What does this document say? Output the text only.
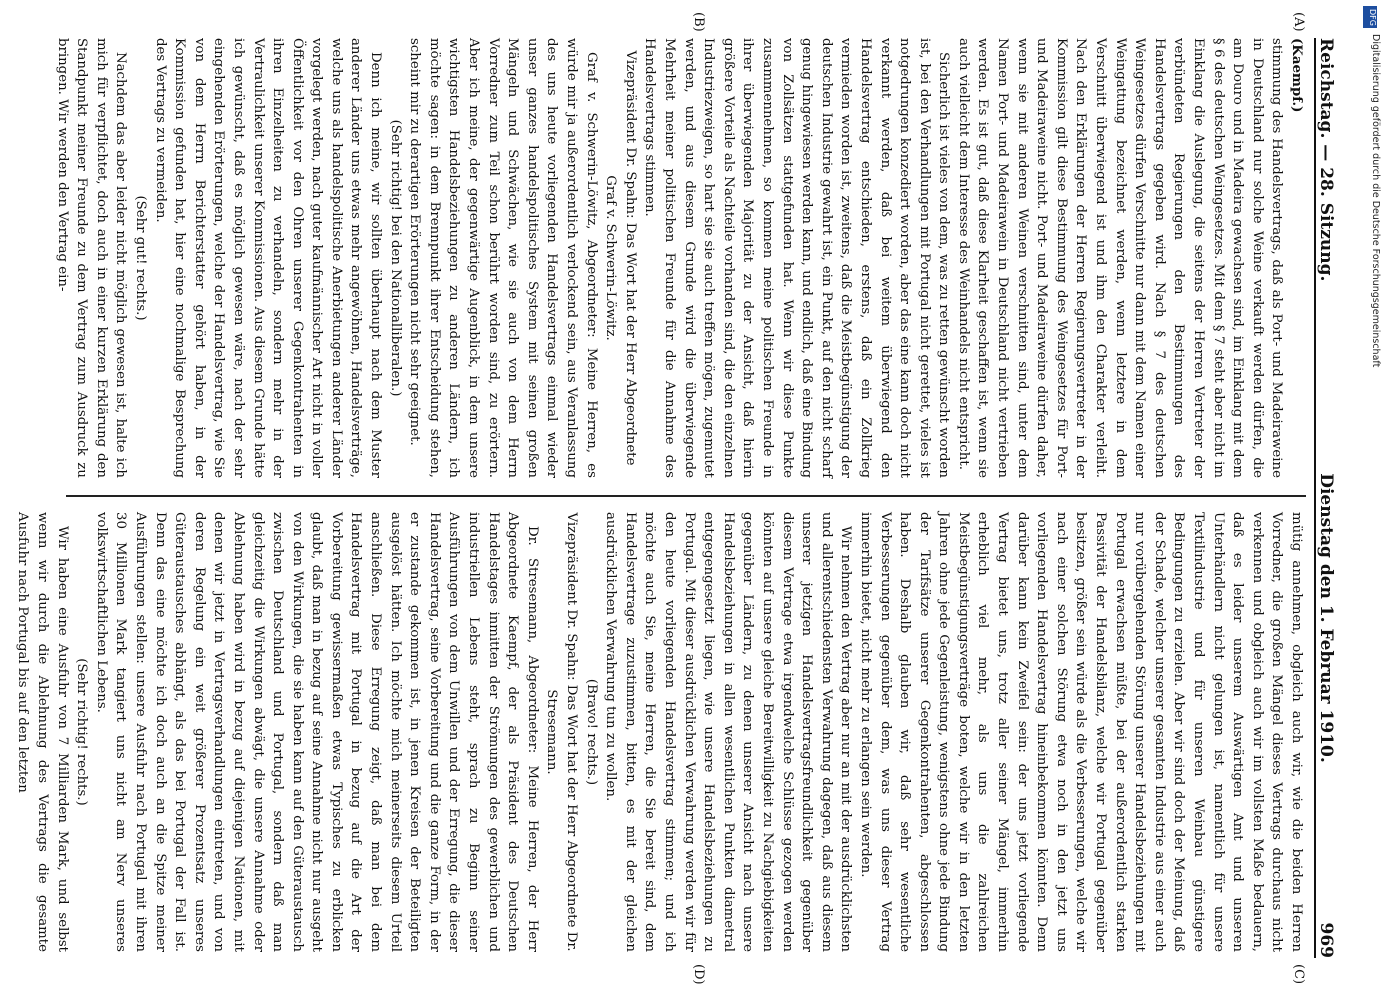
DFG
Digitalisierung gefördert durch die Deutsche Forschungsgemeinschaft
Reichstag. — 28. Sitzung.
Dienstag den 1. Februar 1910.
969
(A)
(B)
(C)
(D)

(Kaempf.)

stimmung des Handelsvertrags, daß als Port- und Madeiraweine in Deutschland nur solche Weine verkauft werden dürfen, die am Douro und in Madeira gewachsen sind, im Einklang mit dem § 6 des deutschen Weingesetzes. Mit dem § 7 steht aber nicht im Einklang die Auslegung, die seitens der Herren Vertreter der verbündeten Regierungen den Bestimmungen des Handelsvertrags gegeben wird. Nach § 7 des deutschen Weingesetzes dürfen Verschnitte nur dann mit dem Namen einer Weingattung bezeichnet werden, wenn letztere in dem Verschnitt überwiegend ist und ihm den Charakter verleiht. Nach den Erklärungen der Herren Regierungsvertreter in der Kommission gilt diese Bestimmung des Weingesetzes für Port- und Madeiraweine nicht. Port- und Madeiraweine dürfen daher, wenn sie mit anderen Weinen verschnitten sind, unter dem Namen Port- und Madeirawein in Deutschland nicht vertrieben werden. Es ist gut, daß diese Klarheit geschaffen ist, wenn sie auch vielleicht dem Interesse des Weinhandels nicht entspricht.

Sicherlich ist vieles von dem, was zu retten gewünscht worden ist, bei den Verhandlungen mit Portugal nicht gerettet, vieles ist notgedrungen konzediert worden, aber das eine kann doch nicht verkannt werden, daß bei weitem überwiegend den Handelsvertrag entschieden, erstens, daß ein Zollkrieg vermieden worden ist, zweitens, daß die Meistbegünstigung der deutschen Industrie gewahrt ist, ein Punkt, auf den nicht scharf genug hingewiesen werden kann, und endlich, daß eine Bindung von Zollsätzen stattgefunden hat. Wenn wir diese Punkte zusammennehmen, so kommen meine politischen Freunde in ihrer überwiegenden Majorität zu der Ansicht, daß hierin größere Vorteile als Nachteile vorhanden sind, die den einzelnen Industriezweigen, so hart sie sie auch treffen mögen, zugemutet werden, und aus diesem Grunde wird die überwiegende Mehrheit meiner politischen Freunde für die Annahme des Handelsvertrags stimmen.

Vizepräsident Dr. Spahn: Das Wort hat der Herr Abgeordnete Graf v. Schwerin-Löwitz.

Graf v. Schwerin-Löwitz, Abgeordneter: Meine Herren, es würde mir ja außerordentlich verlockend sein, aus Veranlassung des uns heute vorliegenden Handelsvertrags einmal wieder unser ganzes handelspolitisches System mit seinen großen Mängeln und Schwächen, wie sie auch von dem Herrn Vorredner zum Teil schon berührt worden sind, zu erörtern. Aber ich meine, der gegenwärtige Augenblick, in dem unsere wichtigsten Handelsbeziehungen zu anderen Ländern, ich möchte sagen: in dem Brennpunkt ihrer Entscheidung stehen, scheint mir zu derartigen Erörterungen nicht sehr geeignet.

(Sehr richtig! bei den Nationalliberalen.)

Denn ich meine, wir sollten überhaupt nach dem Muster anderer Länder uns etwas mehr angewöhnen, Handelsverträge, welche uns als handelspolitische Anerbietungen anderer Länder vorgelegt werden, nach guter kaufmännischer Art nicht in voller Öffentlichkeit vor den Ohren unserer Gegenkontrahenten in ihren Einzelheiten zu verhandeln, sondern mehr in der Vertraulichkeit unserer Kommissionen. Aus diesem Grunde hätte ich gewünscht, daß es möglich gewesen wäre, nach der sehr eingehenden Erörterungen, welche der Handelsvertrag, wie Sie von dem Herrn Berichterstatter gehört haben, in der Kommission gefunden hat, hier eine nochmalige Besprechung des Vertrags zu vermeiden.

(Sehr gut! rechts.)

Nachdem das aber leider nicht möglich gewesen ist, halte ich mich für verpflichtet, doch auch in einer kurzen Erklärung den Standpunkt meiner Freunde zu dem Vertrag zum Ausdruck zu bringen. Wir werden den Vertrag ein-

mütig annehmen, obgleich auch wir, wie die beiden Herren Vorredner, die großen Mängel dieses Vertrags durchaus nicht verkennen und obgleich auch wir im vollsten Maße bedauern, daß es leider unserem Auswärtigen Amt und unseren Unterhändlern nicht gelungen ist, namentlich für unsere Textilindustrie und für unseren Weinbau günstigere Bedingungen zu erzielen. Aber wir sind doch der Meinung, daß der Schade, welcher unserer gesamten Industrie aus einer auch nur vorübergehenden Störung unserer Handelsbeziehungen mit Portugal erwachsen müßte, bei der außerordentlich starken Passivität der Handelsbilanz, welche wir Portugal gegenüber besitzen, größer sein würde als die Verbesserungen, welche wir nach einer solchen Störung etwa noch in den jetzt uns vorliegenden Handelsvertrag hineinbekommen könnten. Denn darüber kann kein Zweifel sein: der uns jetzt vorliegende Vertrag bietet uns, trotz aller seiner Mängel, immerhin erheblich viel mehr, als uns die zahlreichen Meistbegünstigungsverträge boten, welche wir in den letzten Jahren ohne jede Gegenleistung, wenigstens ohne jede Bindung der Tarifsätze unserer Gegenkontrahenten, abgeschlossen haben. Deshalb glauben wir, daß sehr wesentliche Verbesserungen gegenüber dem, was uns dieser Vertrag immerhin bietet, nicht mehr zu erlangen sein werden.

Wir nehmen den Vertrag aber nur an mit der ausdrücklichsten und allerentschiedensten Verwahrung dagegen, daß aus diesem unserer jetzigen Handelsvertragsfreundlichkeit gegenüber diesem Vertrage etwa irgendwelche Schlüsse gezogen werden könnten auf unsere gleiche Bereitwilligkeit zu Nachgiebigkeiten gegenüber Ländern, zu denen unserer Ansicht nach unsere Handelsbeziehungen in allen wesentlichen Punkten diametral entgegengesetzt liegen, wie unsere Handelsbeziehungen zu Portugal. Mit dieser ausdrücklichen Verwahrung werden wir für den heute vorliegenden Handelsvertrag stimmen; und ich möchte auch Sie, meine Herren, die Sie bereit sind, dem Handelsvertrage zuzustimmen, bitten, es mit der gleichen ausdrücklichen Verwahrung tun zu wollen.

(Bravo! rechts.)

Vizepräsident Dr. Spahn: Das Wort hat der Herr Abgeordnete Dr. Stresemann.

Dr. Stresemann, Abgeordneter: Meine Herren, der Herr Abgeordnete Kaempf, der als Präsident des Deutschen Handelstages inmitten der Strömungen des gewerblichen und industriellen Lebens steht, sprach zu Beginn seiner Ausführungen von dem Unwillen und der Erregung, die dieser Handelsvertrag, seine Vorbereitung und die ganze Form, in der er zustande gekommen ist, in jenen Kreisen der Beteiligten ausgelöst hätten. Ich möchte mich meinerseits diesem Urteil anschließen. Diese Erregung zeigt, daß man bei dem Handelsvertrag mit Portugal in bezug auf die Art der Vorbereitung gewissermaßen etwas Typisches zu erblicken glaubt, daß man in bezug auf seine Annahme nicht nur ausgeht von den Wirkungen, die sie haben kann auf den Güteraustausch zwischen Deutschland und Portugal, sondern daß man gleichzeitig die Wirkungen abwägt, die unsere Annahme oder Ablehnung haben wird in bezug auf diejenigen Nationen, mit denen wir jetzt in Vertragsverhandlungen eintreten, und von deren Regelung ein weit größerer Prozentsatz unseres Güteraustausches abhängt, als das bei Portugal der Fall ist. Denn das eine möchte ich doch auch an die Spitze meiner Ausführungen stellen: unsere Ausfuhr nach Portugal mit ihren 30 Millionen Mark tangiert uns nicht am Nerv unseres volkswirtschaftlichen Lebens.

(Sehr richtig! rechts.)

Wir haben eine Ausfuhr von 7 Milliarden Mark, und selbst wenn wir durch die Ablehnung des Vertrags die gesamte Ausfuhr nach Portugal bis auf den letzten
